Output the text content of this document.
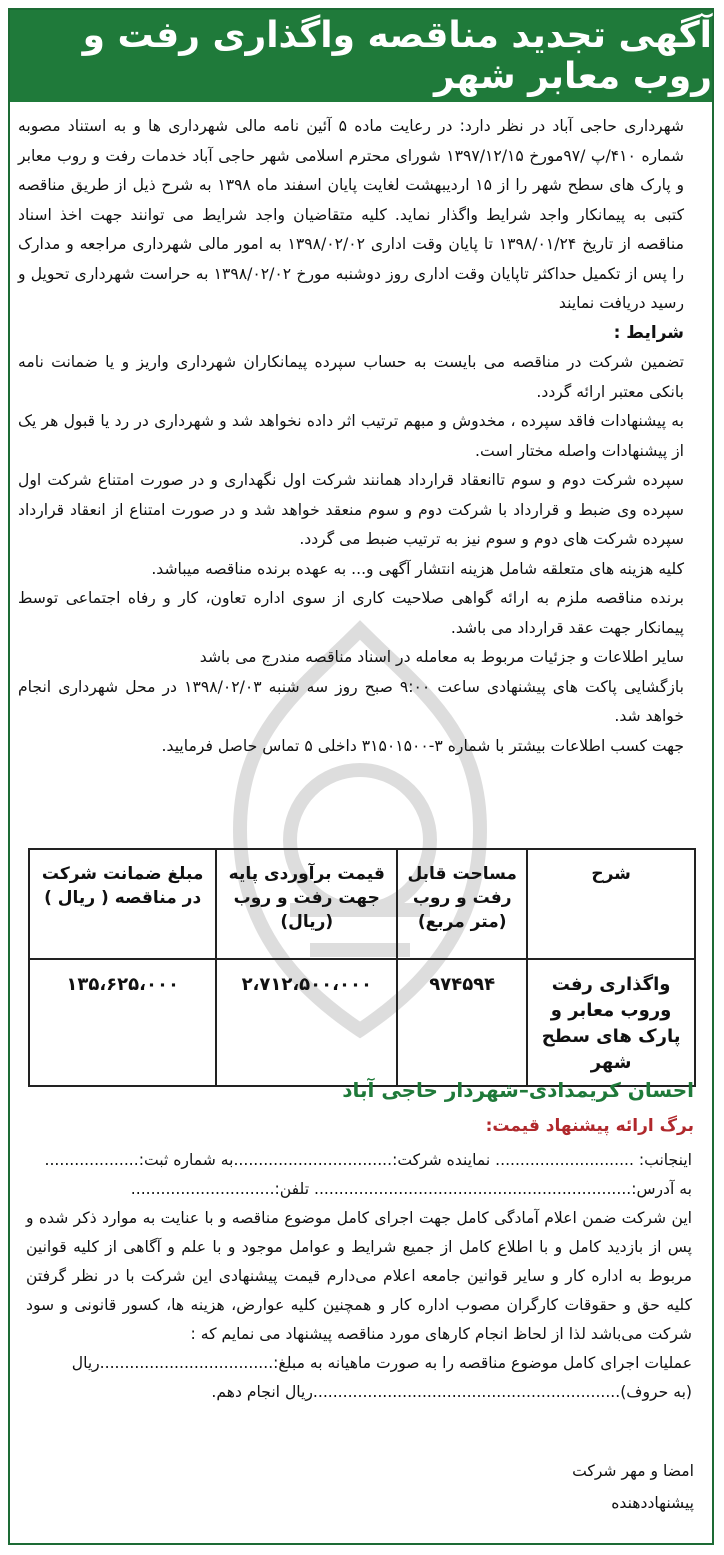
آگهی تجدید مناقصه واگذاری رفت و روب معابر شهر

شهرداری حاجی آباد در نظر دارد: در رعایت ماده ۵ آئین نامه مالی شهرداری ها و به استناد مصوبه شماره ۴۱۰/پ /۹۷مورخ ۱۳۹۷/۱۲/۱۵ شورای محترم اسلامی شهر حاجی آباد خدمات رفت و روب معابر و پارک های سطح شهر را از ۱۵ اردیبهشت لغایت پایان اسفند ماه ۱۳۹۸ به شرح ذیل از طریق مناقصه کتبی به پیمانکار واجد شرایط واگذار نماید. کلیه متقاضیان واجد شرایط می توانند جهت اخذ اسناد مناقصه از تاریخ ۱۳۹۸/۰۱/۲۴ تا پایان وقت اداری ۱۳۹۸/۰۲/۰۲ به امور مالی شهرداری مراجعه و مدارک را پس از تکمیل حداکثر تاپایان وقت اداری روز دوشنبه مورخ ۱۳۹۸/۰۲/۰۲ به حراست شهرداری تحویل و رسید دریافت نمایند

شرایط :

تضمین شرکت در مناقصه می بایست به حساب سپرده پیمانکاران شهرداری واریز و یا ضمانت نامه بانکی معتبر ارائه گردد.

به پیشنهادات فاقد سپرده ، مخدوش و مبهم ترتیب اثر داده نخواهد شد و شهرداری در رد یا قبول هر یک از پیشنهادات واصله مختار است.

سپرده شرکت دوم و سوم تاانعقاد قرارداد همانند شرکت اول نگهداری و در صورت امتناع شرکت اول سپرده وی ضبط و قرارداد با شرکت دوم و سوم منعقد خواهد شد و در صورت امتناع از انعقاد قرارداد سپرده شرکت های دوم و سوم نیز به ترتیب ضبط می گردد.

کلیه هزینه های متعلقه شامل هزینه انتشار آگهی و... به عهده برنده مناقصه میباشد.

برنده مناقصه ملزم به ارائه گواهی صلاحیت کاری از سوی اداره تعاون، کار و رفاه اجتماعی توسط پیمانکار جهت عقد قرارداد می باشد.

سایر اطلاعات و جزئیات مربوط به معامله در اسناد مناقصه مندرج می باشد

بازگشایی پاکت های پیشنهادی ساعت ۹:۰۰ صبح روز سه شنبه ۱۳۹۸/۰۲/۰۳ در محل شهرداری انجام خواهد شد.

جهت کسب اطلاعات بیشتر با شماره ۳-۳۱۵۰۱۵۰۰ داخلی ۵ تماس حاصل فرمایید.

شرح	مساحت قابل رفت و روب (متر مربع)	قیمت برآوردی پایه جهت رفت و روب (ریال)	مبلغ ضمانت شرکت در مناقصه ( ریال )
واگذاری رفت وروب معابر و پارک های سطح شهر	۹۷۴۵۹۴	۲،۷۱۲،۵۰۰،۰۰۰	۱۳۵،۶۲۵،۰۰۰
احسان کریمدادی–شهردار حاجی آباد
برگ ارائه پیشنهاد قیمت:

اینجانب: ............................ نماینده شرکت:................................به شماره ثبت:...................

به آدرس:................................................................ تلفن:.............................

این شرکت ضمن اعلام آمادگی کامل جهت اجرای کامل موضوع مناقصه و با عنایت به موارد ذکر شده و پس از بازدید کامل و با اطلاع کامل از جمیع شرایط و عوامل موجود و با علم و آگاهی از کلیه قوانین مربوط به اداره کار و سایر قوانین جامعه اعلام می‌دارم قیمت پیشنهادی این شرکت با در نظر گرفتن کلیه حق و حقوقات کارگران مصوب اداره کار و همچنین کلیه عوارض، هزینه ها، کسور قانونی و سود شرکت می‌باشد لذا از لحاظ انجام کارهای مورد مناقصه پیشنهاد می نمایم که :

عملیات اجرای کامل موضوع مناقصه را به صورت ماهیانه به مبلغ:...................................ریال

(به حروف)..............................................................ریال انجام دهم.

امضا و مهر شرکت
پیشنهاددهنده
